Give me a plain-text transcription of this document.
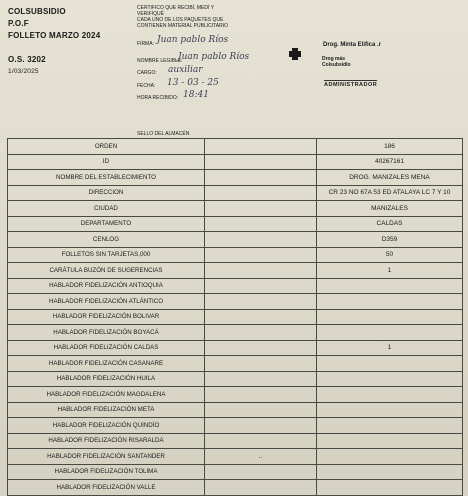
COLSUBSIDIO
P.O.F
FOLLETO MARZO 2024
O.S. 3202
1/03/2025
CERTIFICO QUE RECIBÍ, MEDÍ Y
VERIFIQUÉ
CADA UNO DE LOS PAQUETES QUE
CONTIENEN MATERIAL PUBLICITARIO
FIRMA: Juan pablo Ríos
NOMBRE LEGIBLE:
Juan pablo Ríos
CARGO: auxiliar
FECHA: 13 - 03 - 25
HORA RECIBIDO: 18:41
SELLO DEL ALMACÉN
Drog. Minta Elifica .r
Drog más
Colsubsidio
ADMINISTRADOR
ORDEN		186
ID		40267161
NOMBRE DEL ESTABLECIMIENTO		DROG. MANIZALES MENA
DIRECCION		CR 23 NO 67A 53 ED ATALAYA LC 7 Y 10
CIUDAD		MANIZALES
DEPARTAMENTO		CALDAS
CENLOG		D359
FOLLETOS SIN TARJETAS,000		50
CARÁTULA BUZÓN DE SUGERENCIAS		1
HABLADOR FIDELIZACIÓN ANTIOQUIA		
HABLADOR FIDELIZACIÓN ATLÁNTICO		
HABLADOR FIDELIZACIÓN BOLIVAR		
HABLADOR FIDELIZACIÓN BOYACÁ		
HABLADOR FIDELIZACIÓN CALDAS		1
HABLADOR FIDELIZACIÓN CASANARE		
HABLADOR FIDELIZACIÓN HUILA		
HABLADOR FIDELIZACIÓN MAGDALENA		
HABLADOR FIDELIZACIÓN META		
HABLADOR FIDELIZACIÓN QUINDÍO		
HABLADOR FIDELIZACIÓN RISARALDA		
HABLADOR FIDELIZACIÓN SANTANDER	..	
HABLADOR FIDELIZACIÓN TOLIMA		
HABLADOR FIDELIZACIÓN VALLE		
